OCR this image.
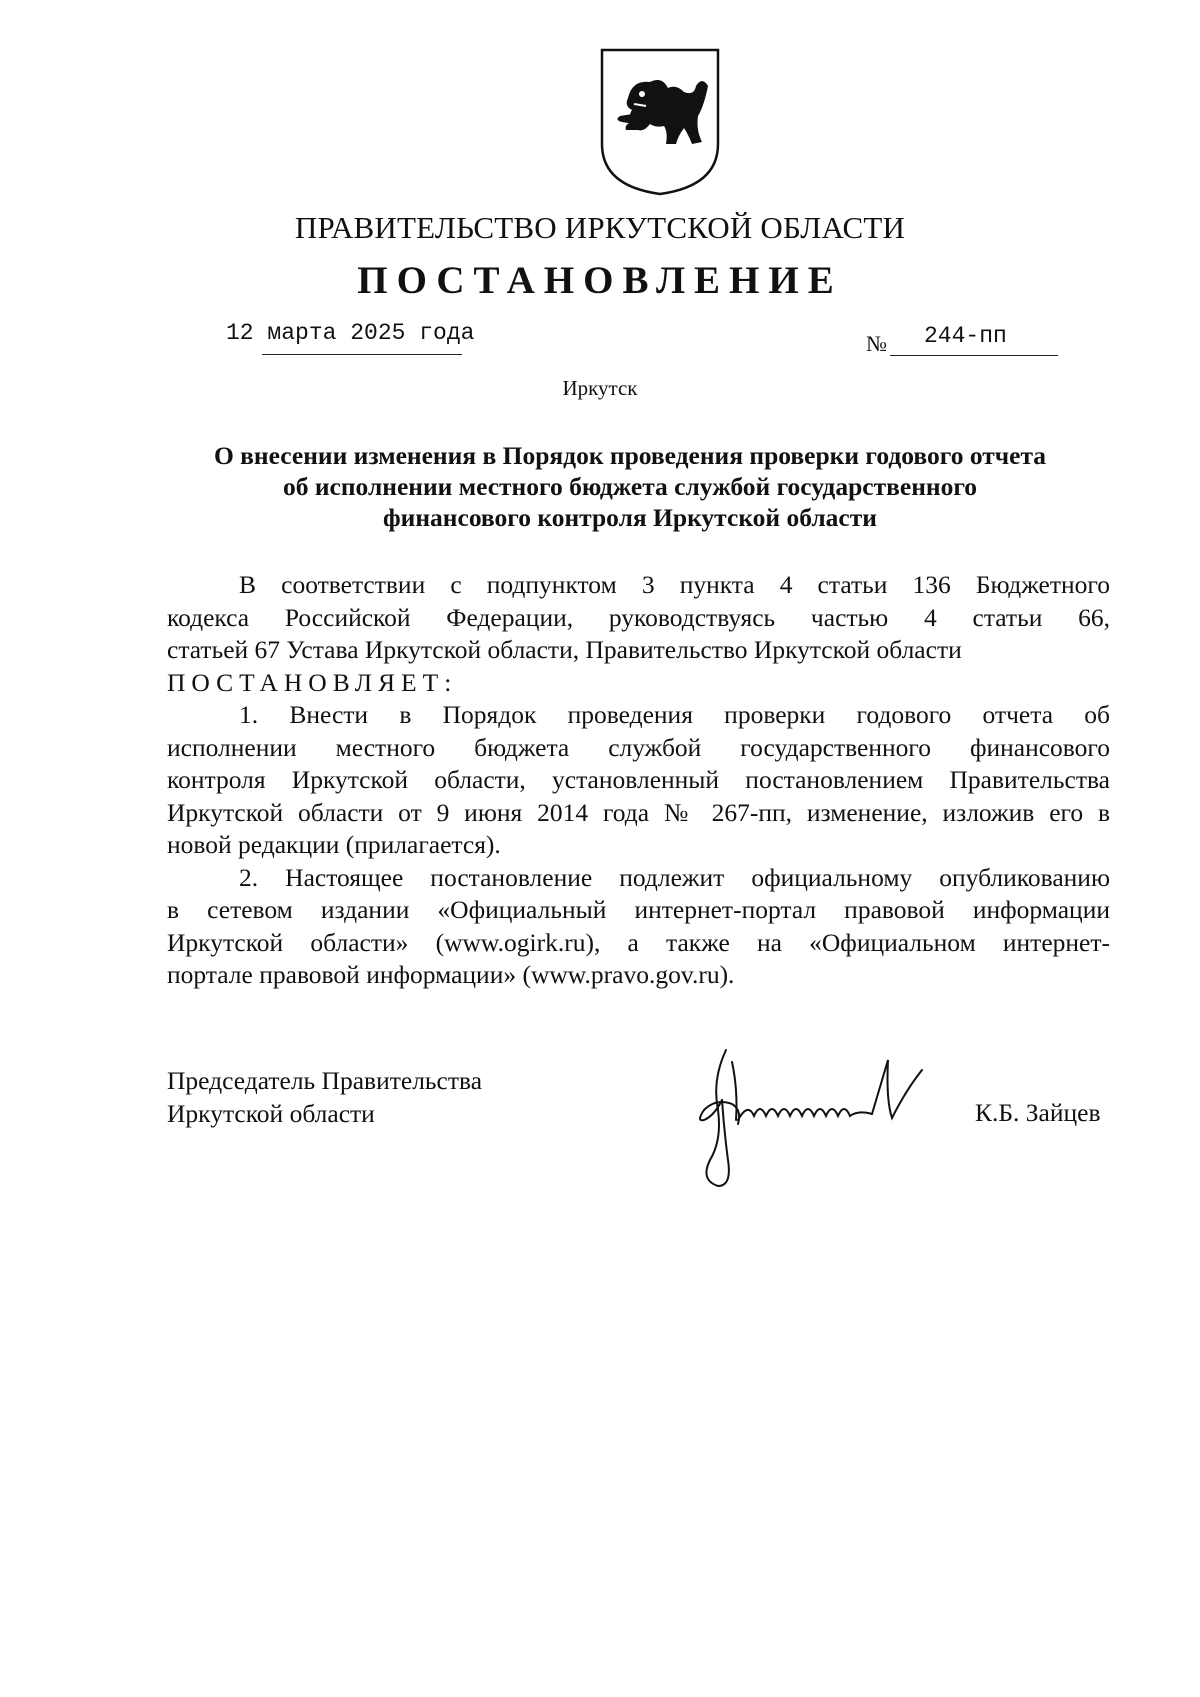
ПРАВИТЕЛЬСТВО ИРКУТСКОЙ ОБЛАСТИ
ПОСТАНОВЛЕНИЕ
12 марта 2025 года	№ 244-пп
Иркутск
О внесении изменения в Порядок проведения проверки годового отчета
об исполнении местного бюджета службой государственного
финансового контроля Иркутской области

В соответствии с подпунктом 3 пункта 4 статьи 136 Бюджетного

кодекса Российской Федерации, руководствуясь частью 4 статьи 66,

статьей 67 Устава Иркутской области, Правительство Иркутской области

ПОСТАНОВЛЯЕТ:

1. Внести в Порядок проведения проверки годового отчета об

исполнении местного бюджета службой государственного финансового

контроля Иркутской области, установленный постановлением Правительства

Иркутской области от 9 июня 2014 года № 267-пп, изменение, изложив его в

новой редакции (прилагается).

2. Настоящее постановление подлежит официальному опубликованию

в сетевом издании «Официальный интернет-портал правовой информации

Иркутской области» (www.ogirk.ru), а также на «Официальном интернет-

портале правовой информации» (www.pravo.gov.ru).

Председатель Правительства
Иркутской области	К.Б. Зайцев
